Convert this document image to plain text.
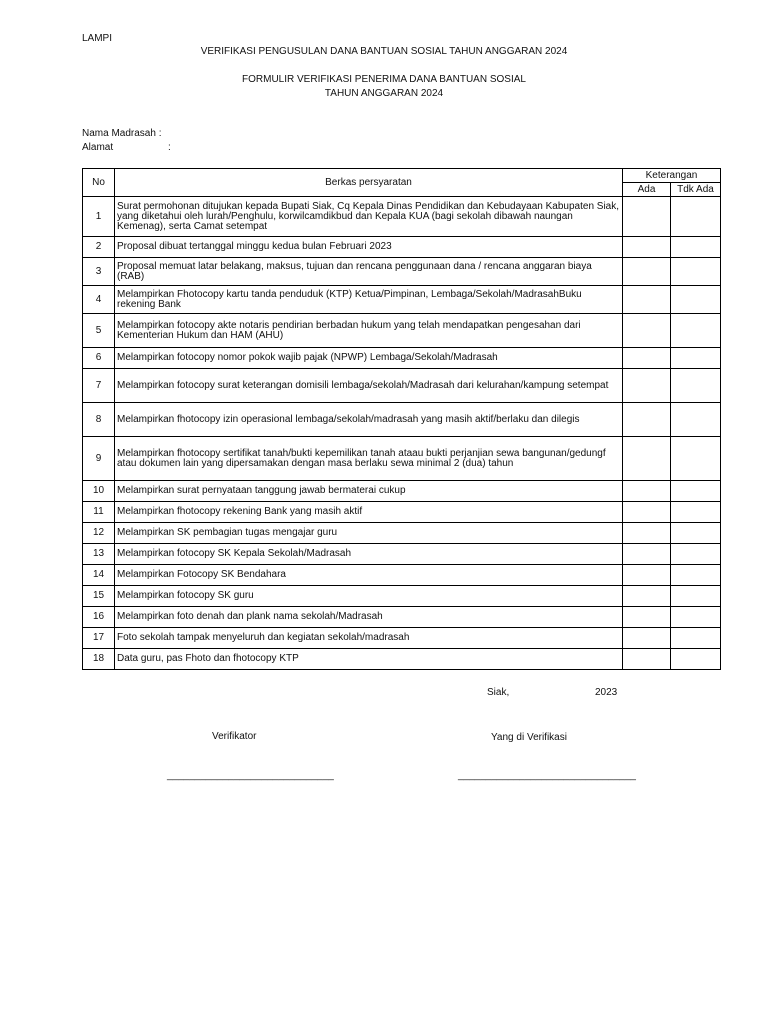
LAMPI
VERIFIKASI PENGUSULAN DANA BANTUAN SOSIAL TAHUN ANGGARAN 2024
FORMULIR VERIFIKASI PENERIMA DANA BANTUAN SOSIAL
TAHUN ANGGARAN 2024
Nama Madrasah :
Alamat	:
No	Berkas persyaratan	Keterangan	
		Ada	Tdk Ada
1	Surat permohonan ditujukan kepada Bupati Siak, Cq Kepala Dinas Pendidikan dan Kebudayaan Kabupaten Siak, yang diketahui oleh lurah/Penghulu, korwilcamdikbud dan Kepala KUA (bagi sekolah dibawah naungan Kemenag), serta Camat setempat		
2	Proposal dibuat tertanggal minggu kedua bulan Februari 2023		
3	Proposal memuat latar belakang, maksus, tujuan dan rencana penggunaan dana / rencana anggaran biaya (RAB)		
4	Melampirkan Fhotocopy kartu tanda penduduk (KTP) Ketua/Pimpinan, Lembaga/Sekolah/MadrasahBuku rekening Bank		
5	Melampirkan fotocopy akte notaris pendirian berbadan hukum yang telah mendapatkan pengesahan dari Kementerian Hukum dan HAM (AHU)		
6	Melampirkan fotocopy nomor pokok wajib pajak (NPWP) Lembaga/Sekolah/Madrasah		
7	Melampirkan fotocopy surat keterangan domisili lembaga/sekolah/Madrasah dari kelurahan/kampung setempat		
8	Melampirkan fhotocopy izin operasional lembaga/sekolah/madrasah yang masih aktif/berlaku dan dilegis		
9	Melampirkan fhotocopy sertifikat tanah/bukti kepemilikan tanah ataau bukti perjanjian sewa bangunan/gedungf atau dokumen lain yang dipersamakan dengan masa berlaku sewa minimal 2 (dua) tahun		
10	Melampirkan surat pernyataan tanggung jawab bermaterai cukup		
11	Melampirkan fhotocopy rekening Bank yang masih aktif		
12	Melampirkan SK pembagian tugas mengajar guru		
13	Melampirkan fotocopy SK Kepala Sekolah/Madrasah		
14	Melampirkan Fotocopy SK Bendahara		
15	Melampirkan fotocopy SK guru		
16	Melampirkan foto denah dan plank nama sekolah/Madrasah		
17	Foto sekolah tampak menyeluruh dan kegiatan sekolah/madrasah		
18	Data guru, pas Fhoto dan fhotocopy KTP		
Siak,	2023
Verifikator	Yang di Verifikasi
______________________________	________________________________
